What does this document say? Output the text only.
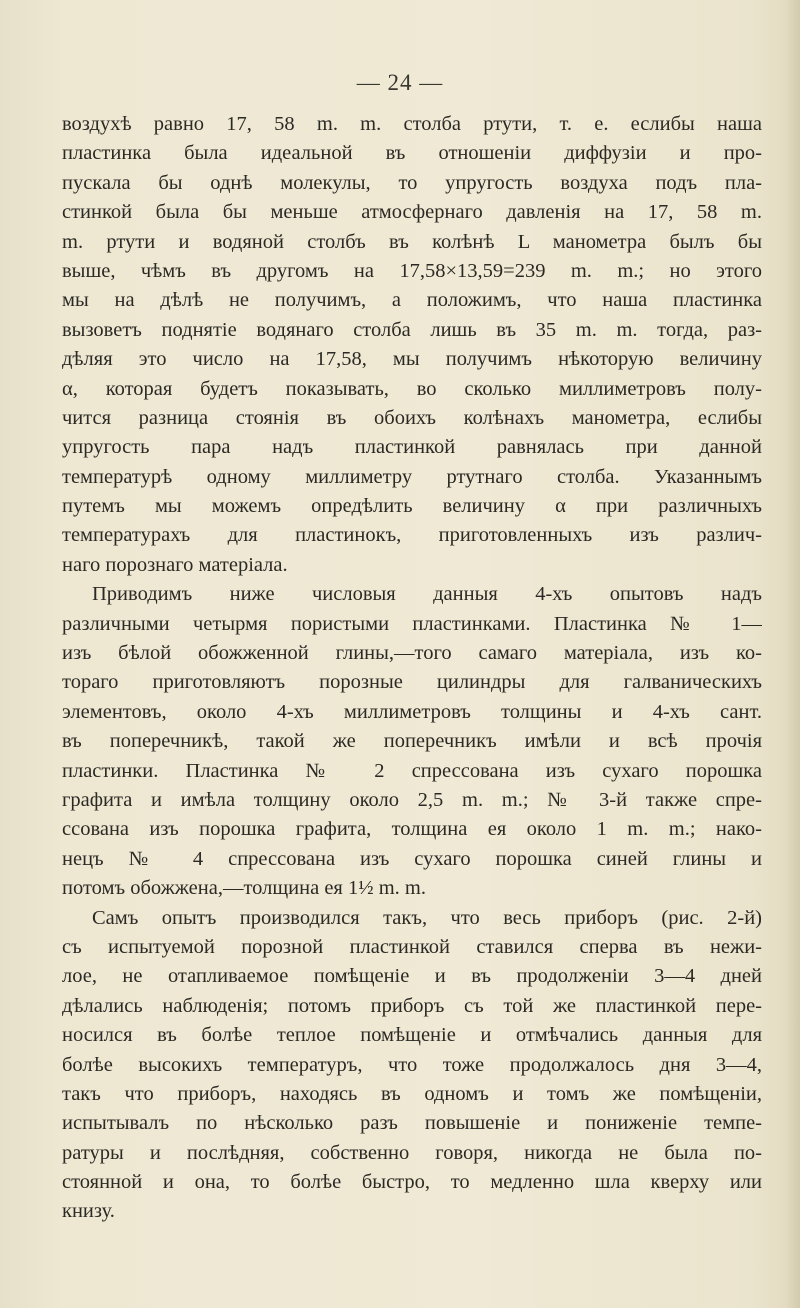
— 24 —
воздухѣ равно 17, 58 m. m. столба ртути, т. е. еслибы наша
пластинка была идеальной въ отношеніи диффузіи и про-
пускала бы однѣ молекулы, то упругость воздуха подъ пла-
стинкой была бы меньше атмосфернаго давленія на 17, 58 m.
m. ртути и водяной столбъ въ колѣнѣ L манометра былъ бы
выше, чѣмъ въ другомъ на 17,58×13,59=239 m. m.; но этого
мы на дѣлѣ не получимъ, а положимъ, что наша пластинка
вызоветъ поднятіе водянаго столба лишь въ 35 m. m. тогда, раз-
дѣляя это число на 17,58, мы получимъ нѣкоторую величину
α, которая будетъ показывать, во сколько миллиметровъ полу-
чится разница стоянія въ обоихъ колѣнахъ манометра, еслибы
упругость пара надъ пластинкой равнялась при данной
температурѣ одному миллиметру ртутнаго столба. Указаннымъ
путемъ мы можемъ опредѣлить величину α при различныхъ
температурахъ для пластинокъ, приготовленныхъ изъ различ-
наго порознаго матеріала.
Приводимъ ниже числовыя данныя 4-хъ опытовъ надъ
различными четырмя пористыми пластинками. Пластинка № 1—
изъ бѣлой обожженной глины,—того самаго матеріала, изъ ко-
тораго приготовляютъ порозные цилиндры для галваническихъ
элементовъ, около 4-хъ миллиметровъ толщины и 4-хъ сант.
въ поперечникѣ, такой же поперечникъ имѣли и всѣ прочія
пластинки. Пластинка № 2 спрессована изъ сухаго порошка
графита и имѣла толщину около 2,5 m. m.; № 3-й также спре-
ссована изъ порошка графита, толщина ея около 1 m. m.; нако-
нецъ № 4 спрессована изъ сухаго порошка синей глины и
потомъ обожжена,—толщина ея 1½ m. m.
Самъ опытъ производился такъ, что весь приборъ (рис. 2-й)
съ испытуемой порозной пластинкой ставился сперва въ нежи-
лое, не отапливаемое помѣщеніе и въ продолженіи 3—4 дней
дѣлались наблюденія; потомъ приборъ съ той же пластинкой пере-
носился въ болѣе теплое помѣщеніе и отмѣчались данныя для
болѣе высокихъ температуръ, что тоже продолжалось дня 3—4,
такъ что приборъ, находясь въ одномъ и томъ же помѣщеніи,
испытывалъ по нѣсколько разъ повышеніе и пониженіе темпе-
ратуры и послѣдняя, собственно говоря, никогда не была по-
стоянной и она, то болѣе быстро, то медленно шла кверху или
книзу.
